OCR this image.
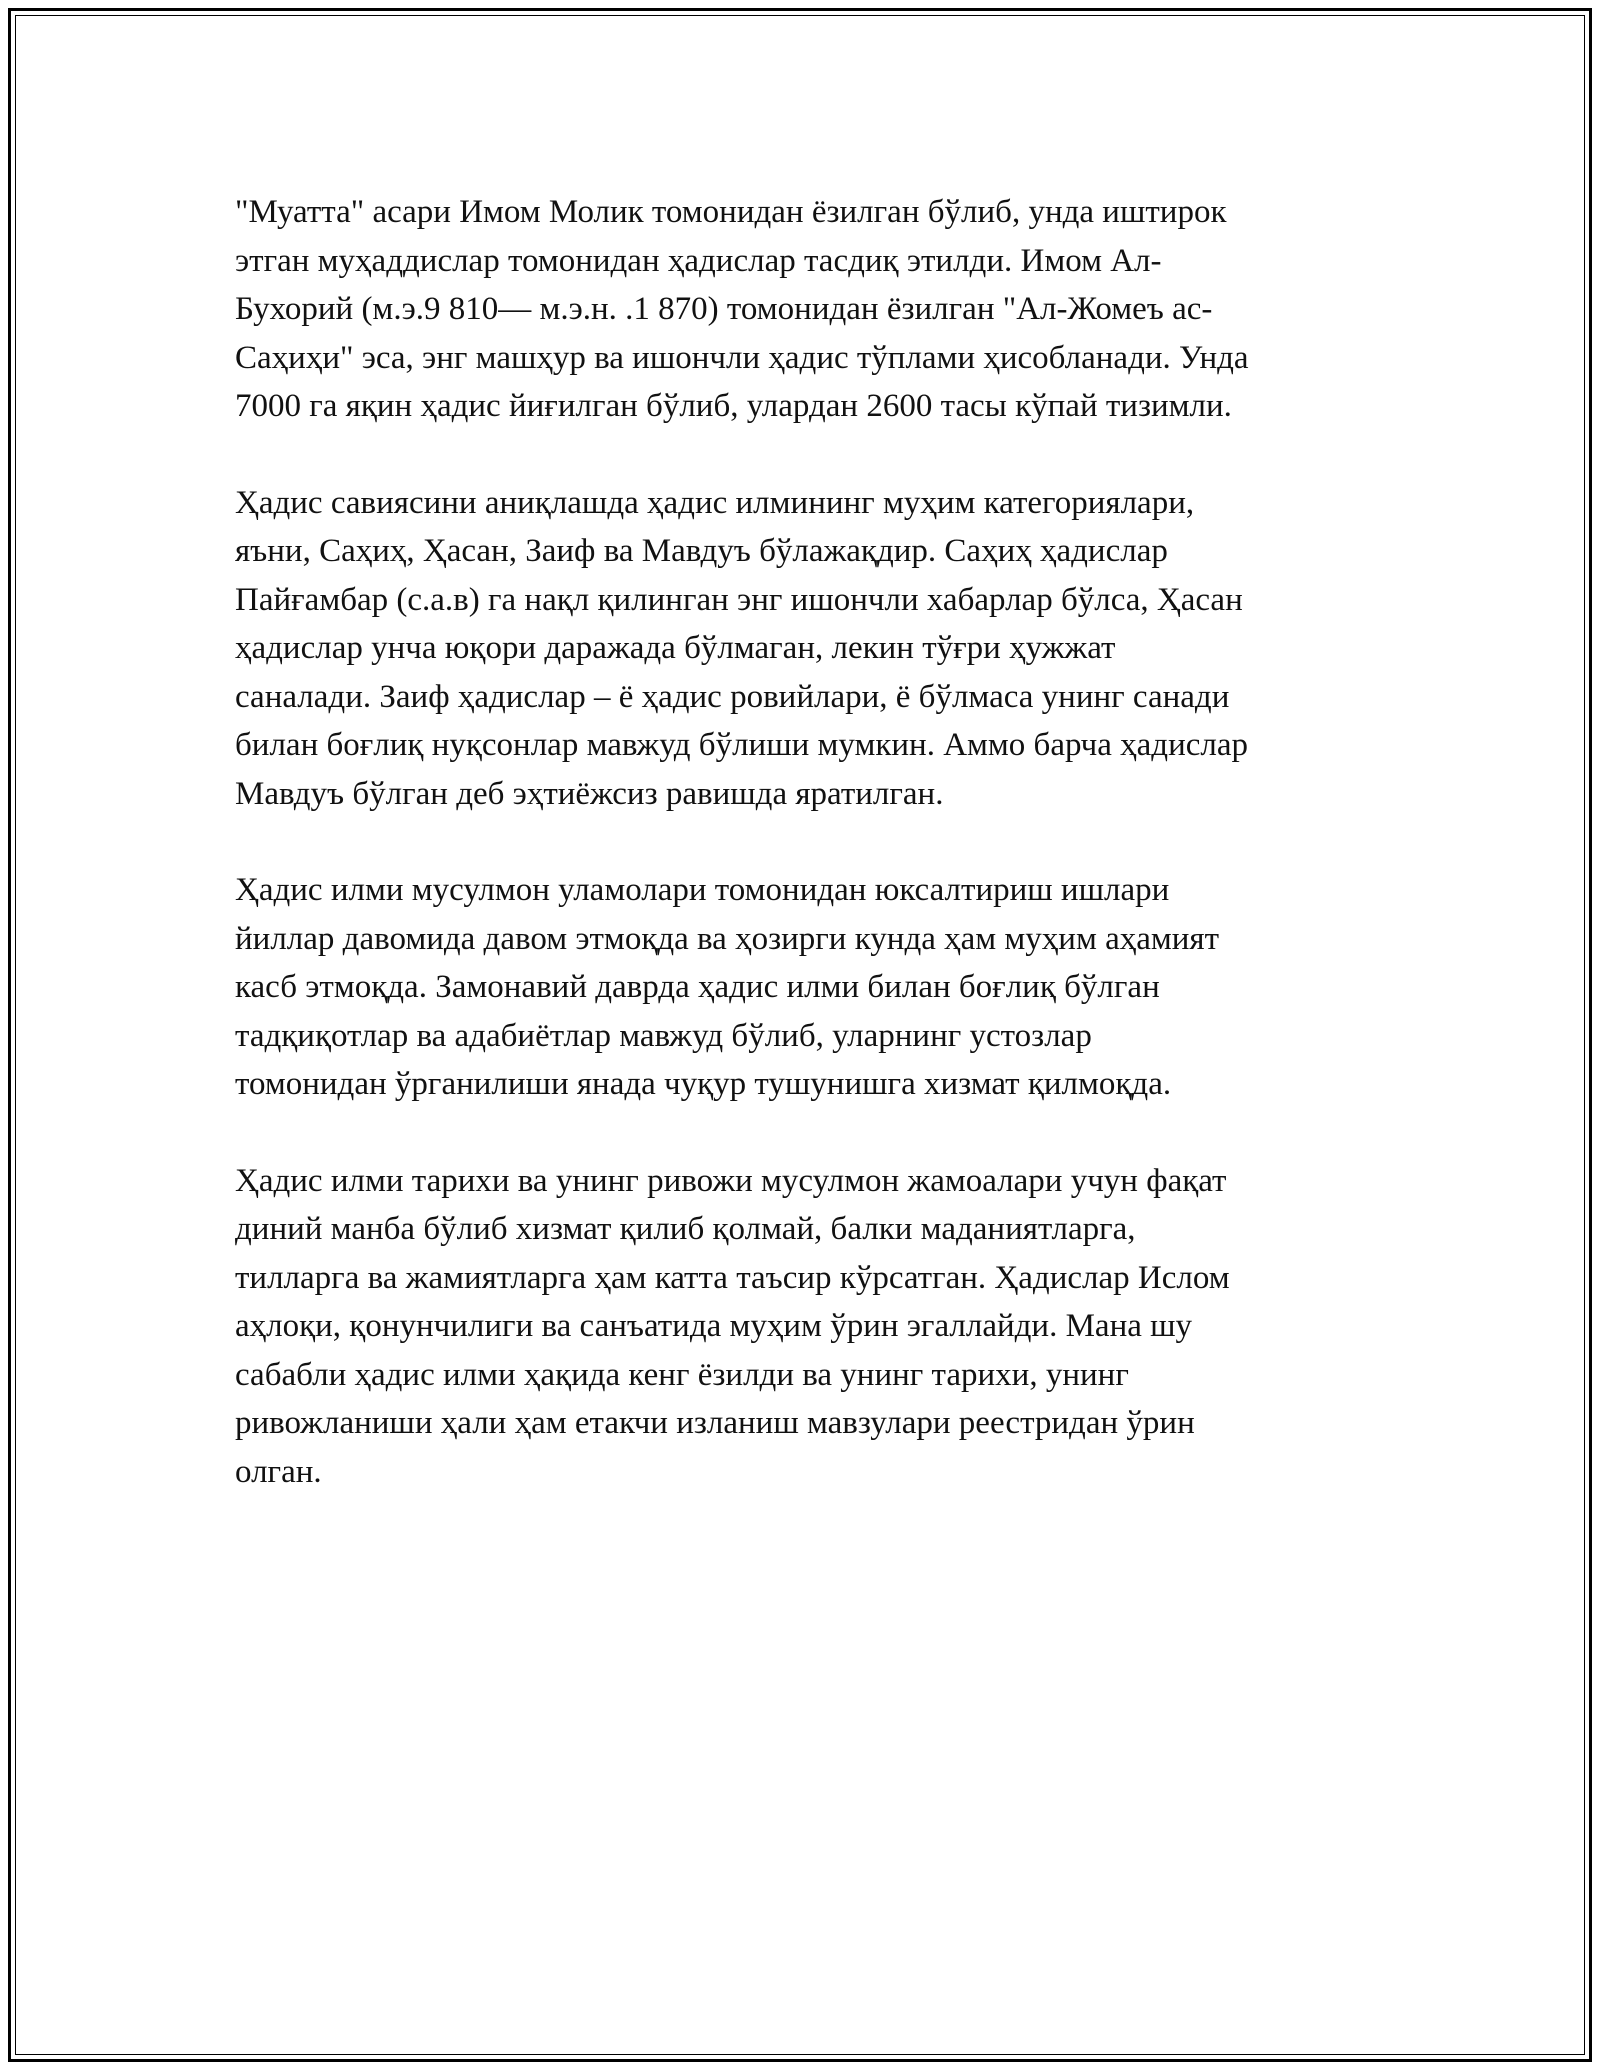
"Муатта" асари Имом Молик томонидан ёзилган бўлиб, унда иштирок
этган муҳаддислар томонидан ҳадислар тасдиқ этилди. Имом Ал-
Бухорий (м.э.9 810— м.э.н. .1 870) томонидан ёзилган "Ал-Жомеъ ас-
Саҳиҳи" эса, энг машҳур ва ишончли ҳадис тўплами ҳисобланади. Унда
7000 га яқин ҳадис йиғилган бўлиб, улардан 2600 тасы кўпай тизимли.

Ҳадис савиясини аниқлашда ҳадис илмининг муҳим категориялари,
яъни, Саҳиҳ, Ҳасан, Заиф ва Мавдуъ бўлажақдир. Саҳиҳ ҳадислар
Пайғамбар (с.а.в) га нақл қилинган энг ишончли хабарлар бўлса, Ҳасан
ҳадислар унча юқори даражада бўлмаган, лекин тўғри ҳужжат
саналади. Заиф ҳадислар – ё ҳадис ровийлари, ё бўлмаса унинг санади
билан боғлиқ нуқсонлар мавжуд бўлиши мумкин. Аммо барча ҳадислар
Мавдуъ бўлган деб эҳтиёжсиз равишда яратилган.

Ҳадис илми мусулмон уламолари томонидан юксалтириш ишлари
йиллар давомида давом этмоқда ва ҳозирги кунда ҳам муҳим аҳамият
касб этмоқда. Замонавий даврда ҳадис илми билан боғлиқ бўлган
тадқиқотлар ва адабиётлар мавжуд бўлиб, уларнинг устозлар
томонидан ўрганилиши янада чуқур тушунишга хизмат қилмоқда.

Ҳадис илми тарихи ва унинг ривожи мусулмон жамоалари учун фақат
диний манба бўлиб хизмат қилиб қолмай, балки маданиятларга,
тилларга ва жамиятларга ҳам катта таъсир кўрсатган. Ҳадислар Ислом
аҳлоқи, қонунчилиги ва санъатида муҳим ўрин эгаллайди. Мана шу
сабабли ҳадис илми ҳақида кенг ёзилди ва унинг тарихи, унинг
ривожланиши ҳали ҳам етакчи изланиш мавзулари реестридан ўрин
олган.
